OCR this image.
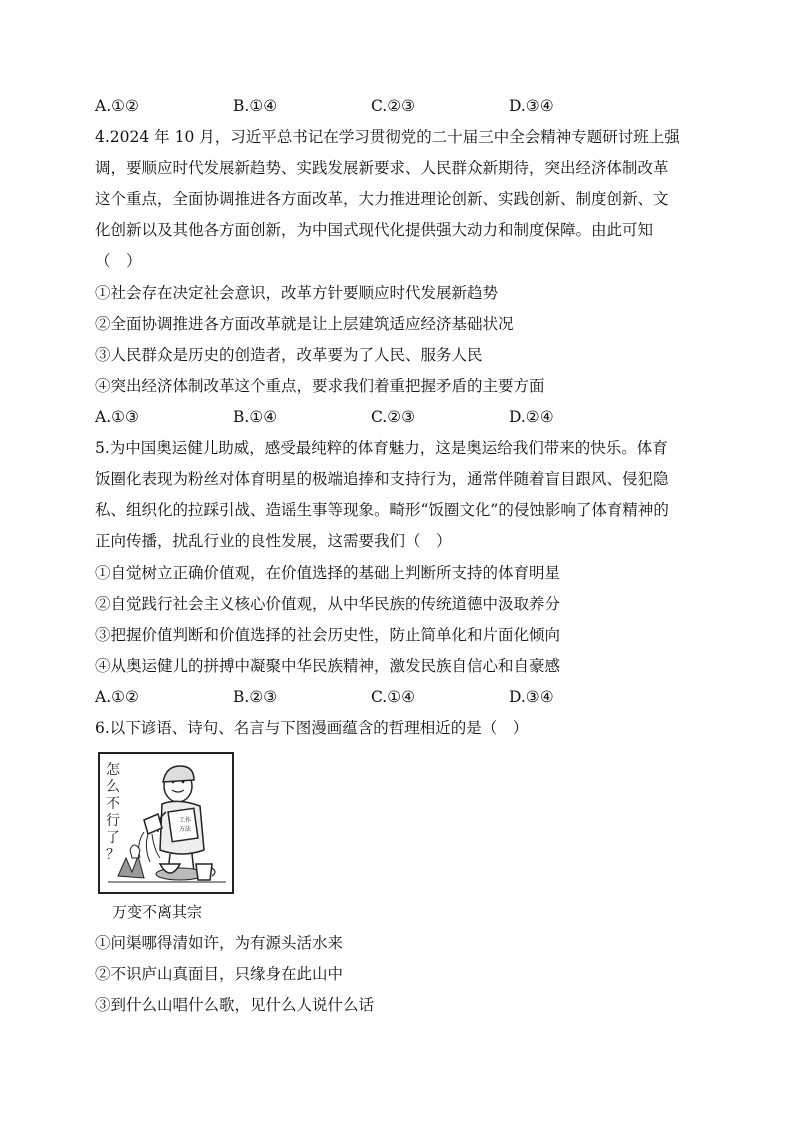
A.①②	B.①④	C.②③	D.③④
4.2024 年 10 月，习近平总书记在学习贯彻党的二十届三中全会精神专题研讨班上强
调，要顺应时代发展新趋势、实践发展新要求、人民群众新期待，突出经济体制改革
这个重点，全面协调推进各方面改革，大力推进理论创新、实践创新、制度创新、文
化创新以及其他各方面创新，为中国式现代化提供强大动力和制度保障。由此可知
（　）
①社会存在决定社会意识，改革方针要顺应时代发展新趋势
②全面协调推进各方面改革就是让上层建筑适应经济基础状况
③人民群众是历史的创造者，改革要为了人民、服务人民
④突出经济体制改革这个重点，要求我们着重把握矛盾的主要方面
A.①③	B.①④	C.②③	D.②④
5.为中国奥运健儿助威，感受最纯粹的体育魅力，这是奥运给我们带来的快乐。体育
饭圈化表现为粉丝对体育明星的极端追捧和支持行为，通常伴随着盲目跟风、侵犯隐
私、组织化的拉踩引战、造谣生事等现象。畸形“饭圈文化”的侵蚀影响了体育精神的
正向传播，扰乱行业的良性发展，这需要我们（　）
①自觉树立正确价值观，在价值选择的基础上判断所支持的体育明星
②自觉践行社会主义核心价值观，从中华民族的传统道德中汲取养分
③把握价值判断和价值选择的社会历史性，防止简单化和片面化倾向
④从奥运健儿的拼搏中凝聚中华民族精神，激发民族自信心和自豪感
A.①②	B.②③	C.①④	D.③④
6.以下谚语、诗句、名言与下图漫画蕴含的哲理相近的是（　）
怎
么
不
行
了
？
工 作
方 法
万变不离其宗
①问渠哪得清如许，为有源头活水来
②不识庐山真面目，只缘身在此山中
③到什么山唱什么歌，见什么人说什么话
